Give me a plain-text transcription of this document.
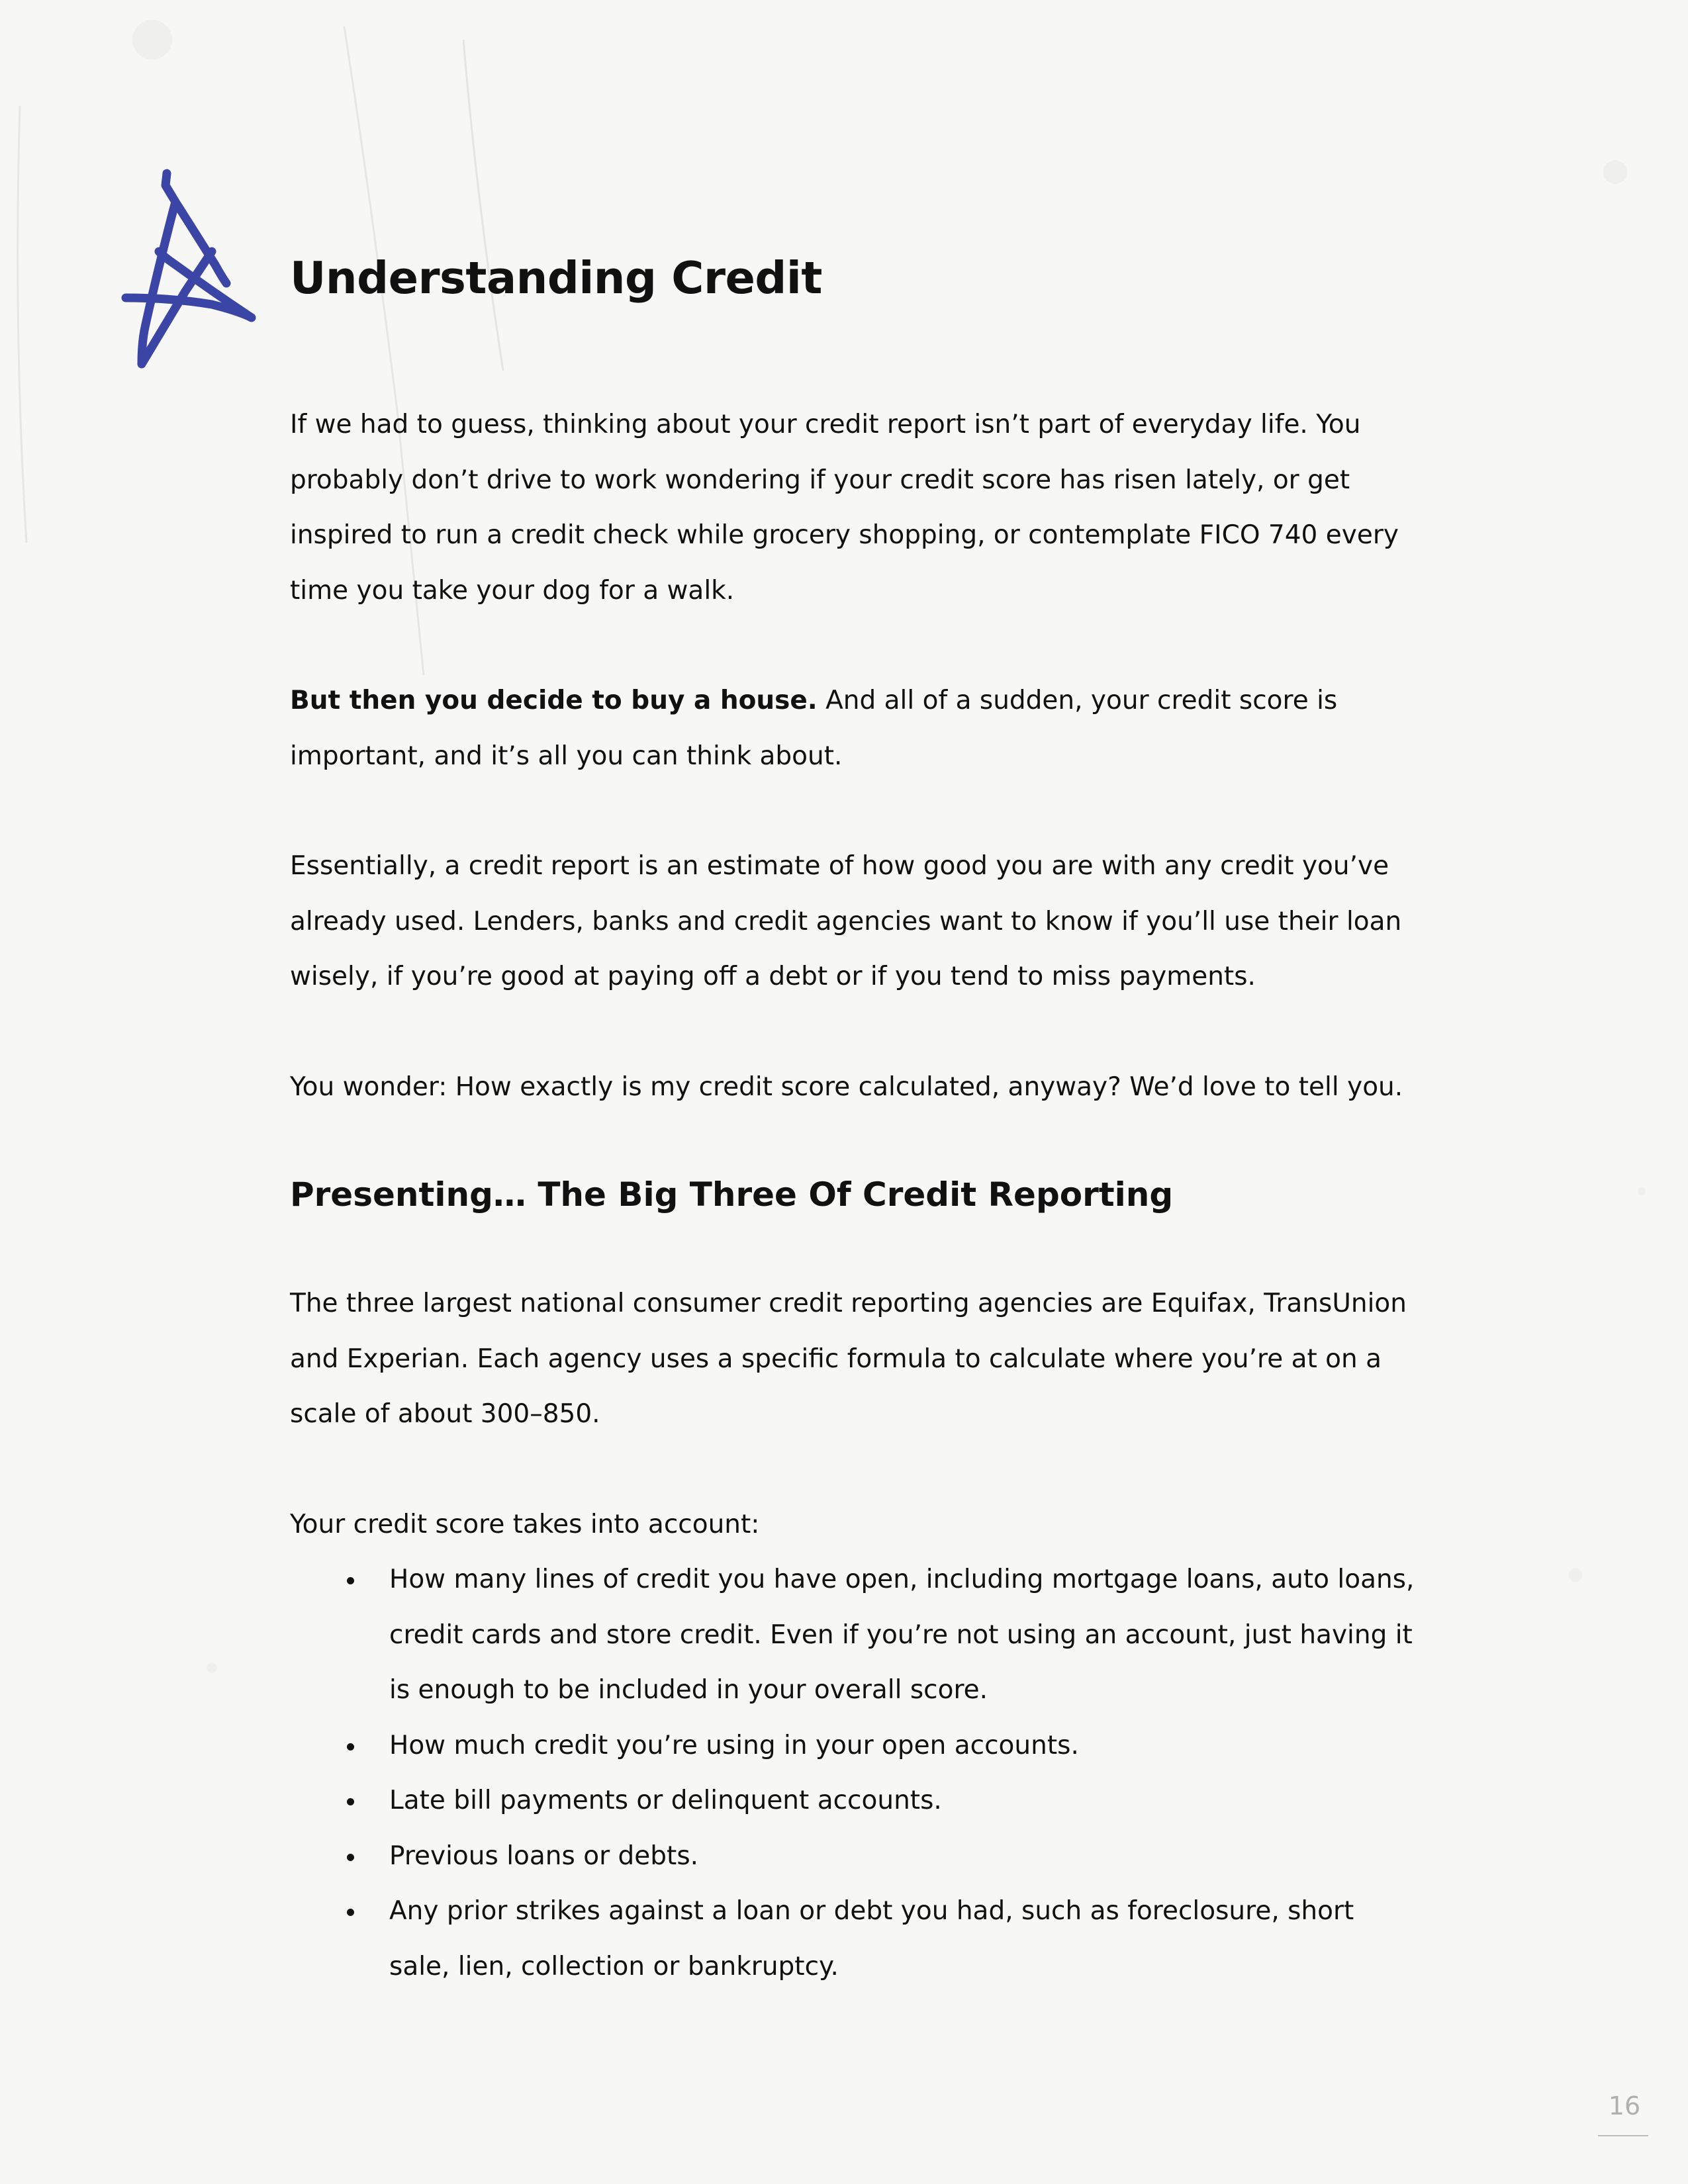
Understanding Credit

If we had to guess, thinking about your credit report isn’t part of everyday life. You probably don’t drive to work wondering if your credit score has risen lately, or get inspired to run a credit check while grocery shopping, or contemplate FICO 740 every time you take your dog for a walk.

But then you decide to buy a house. And all of a sudden, your credit score is important, and it’s all you can think about.

Essentially, a credit report is an estimate of how good you are with any credit you’ve already used. Lenders, banks and credit agencies want to know if you’ll use their loan wisely, if you’re good at paying off a debt or if you tend to miss payments.

You wonder: How exactly is my credit score calculated, anyway? We’d love to tell you.

Presenting… The Big Three Of Credit Reporting

The three largest national consumer credit reporting agencies are Equifax, TransUnion and Experian. Each agency uses a specific formula to calculate where you’re at on a scale of about 300–850.

Your credit score takes into account:

How many lines of credit you have open, including mortgage loans, auto loans, credit cards and store credit. Even if you’re not using an account, just having it is enough to be included in your overall score.
How much credit you’re using in your open accounts.
Late bill payments or delinquent accounts.
Previous loans or debts.
Any prior strikes against a loan or debt you had, such as foreclosure, short sale, lien, collection or bankruptcy.
16
